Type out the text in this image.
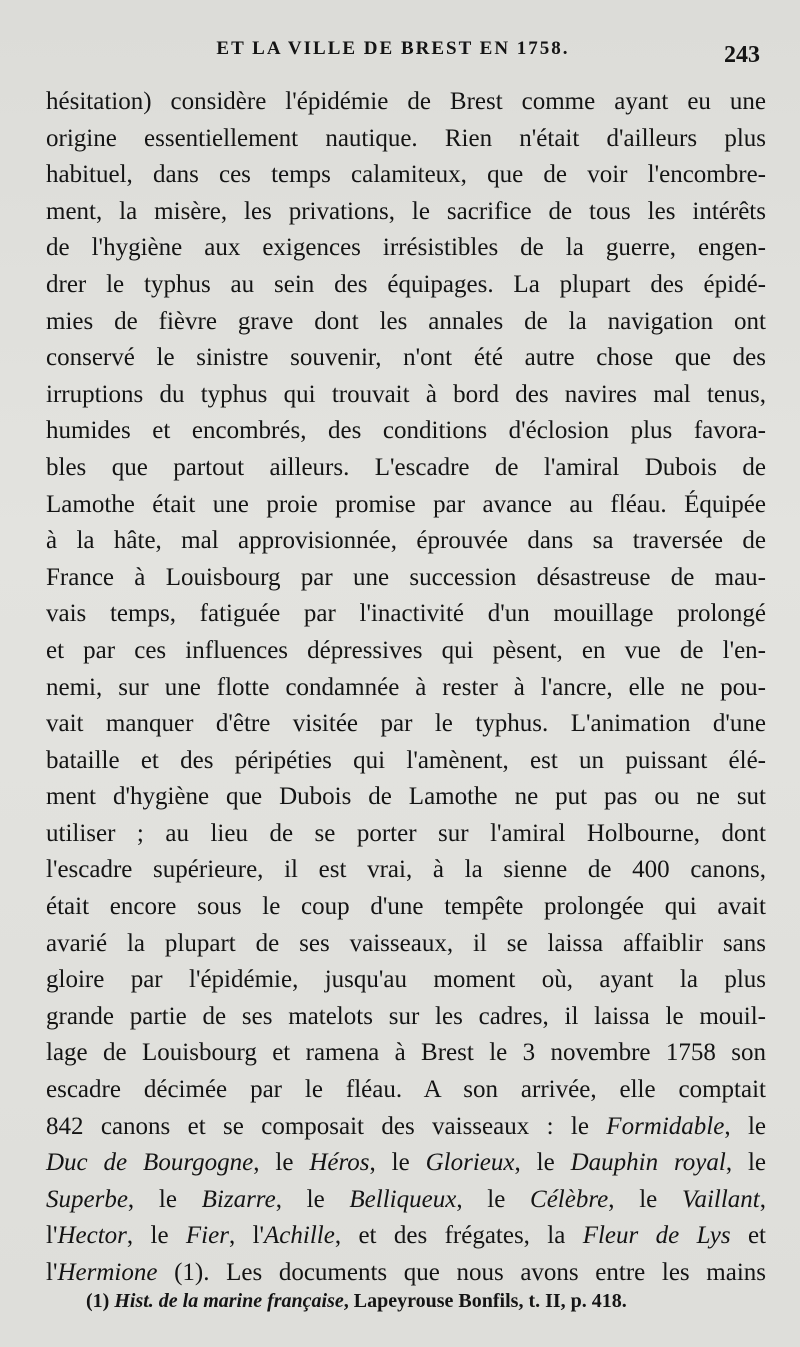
ET LA VILLE DE BREST EN 1758.	243
hésitation) considère l'épidémie de Brest comme ayant eu une
origine essentiellement nautique. Rien n'était d'ailleurs plus
habituel, dans ces temps calamiteux, que de voir l'encombre-
ment, la misère, les privations, le sacrifice de tous les intérêts
de l'hygiène aux exigences irrésistibles de la guerre, engen-
drer le typhus au sein des équipages. La plupart des épidé-
mies de fièvre grave dont les annales de la navigation ont
conservé le sinistre souvenir, n'ont été autre chose que des
irruptions du typhus qui trouvait à bord des navires mal tenus,
humides et encombrés, des conditions d'éclosion plus favora-
bles que partout ailleurs. L'escadre de l'amiral Dubois de
Lamothe était une proie promise par avance au fléau. Équipée
à la hâte, mal approvisionnée, éprouvée dans sa traversée de
France à Louisbourg par une succession désastreuse de mau-
vais temps, fatiguée par l'inactivité d'un mouillage prolongé
et par ces influences dépressives qui pèsent, en vue de l'en-
nemi, sur une flotte condamnée à rester à l'ancre, elle ne pou-
vait manquer d'être visitée par le typhus. L'animation d'une
bataille et des péripéties qui l'amènent, est un puissant élé-
ment d'hygiène que Dubois de Lamothe ne put pas ou ne sut
utiliser ; au lieu de se porter sur l'amiral Holbourne, dont
l'escadre supérieure, il est vrai, à la sienne de 400 canons,
était encore sous le coup d'une tempête prolongée qui avait
avarié la plupart de ses vaisseaux, il se laissa affaiblir sans
gloire par l'épidémie, jusqu'au moment où, ayant la plus
grande partie de ses matelots sur les cadres, il laissa le mouil-
lage de Louisbourg et ramena à Brest le 3 novembre 1758 son
escadre décimée par le fléau. A son arrivée, elle comptait
842 canons et se composait des vaisseaux : le Formidable, le
Duc de Bourgogne, le Héros, le Glorieux, le Dauphin royal, le
Superbe, le Bizarre, le Belliqueux, le Célèbre, le Vaillant,
l'Hector, le Fier, l'Achille, et des frégates, la Fleur de Lys et
l'Hermione (1). Les documents que nous avons entre les mains
(1) Hist. de la marine française, Lapeyrouse Bonfils, t. II, p. 418.
